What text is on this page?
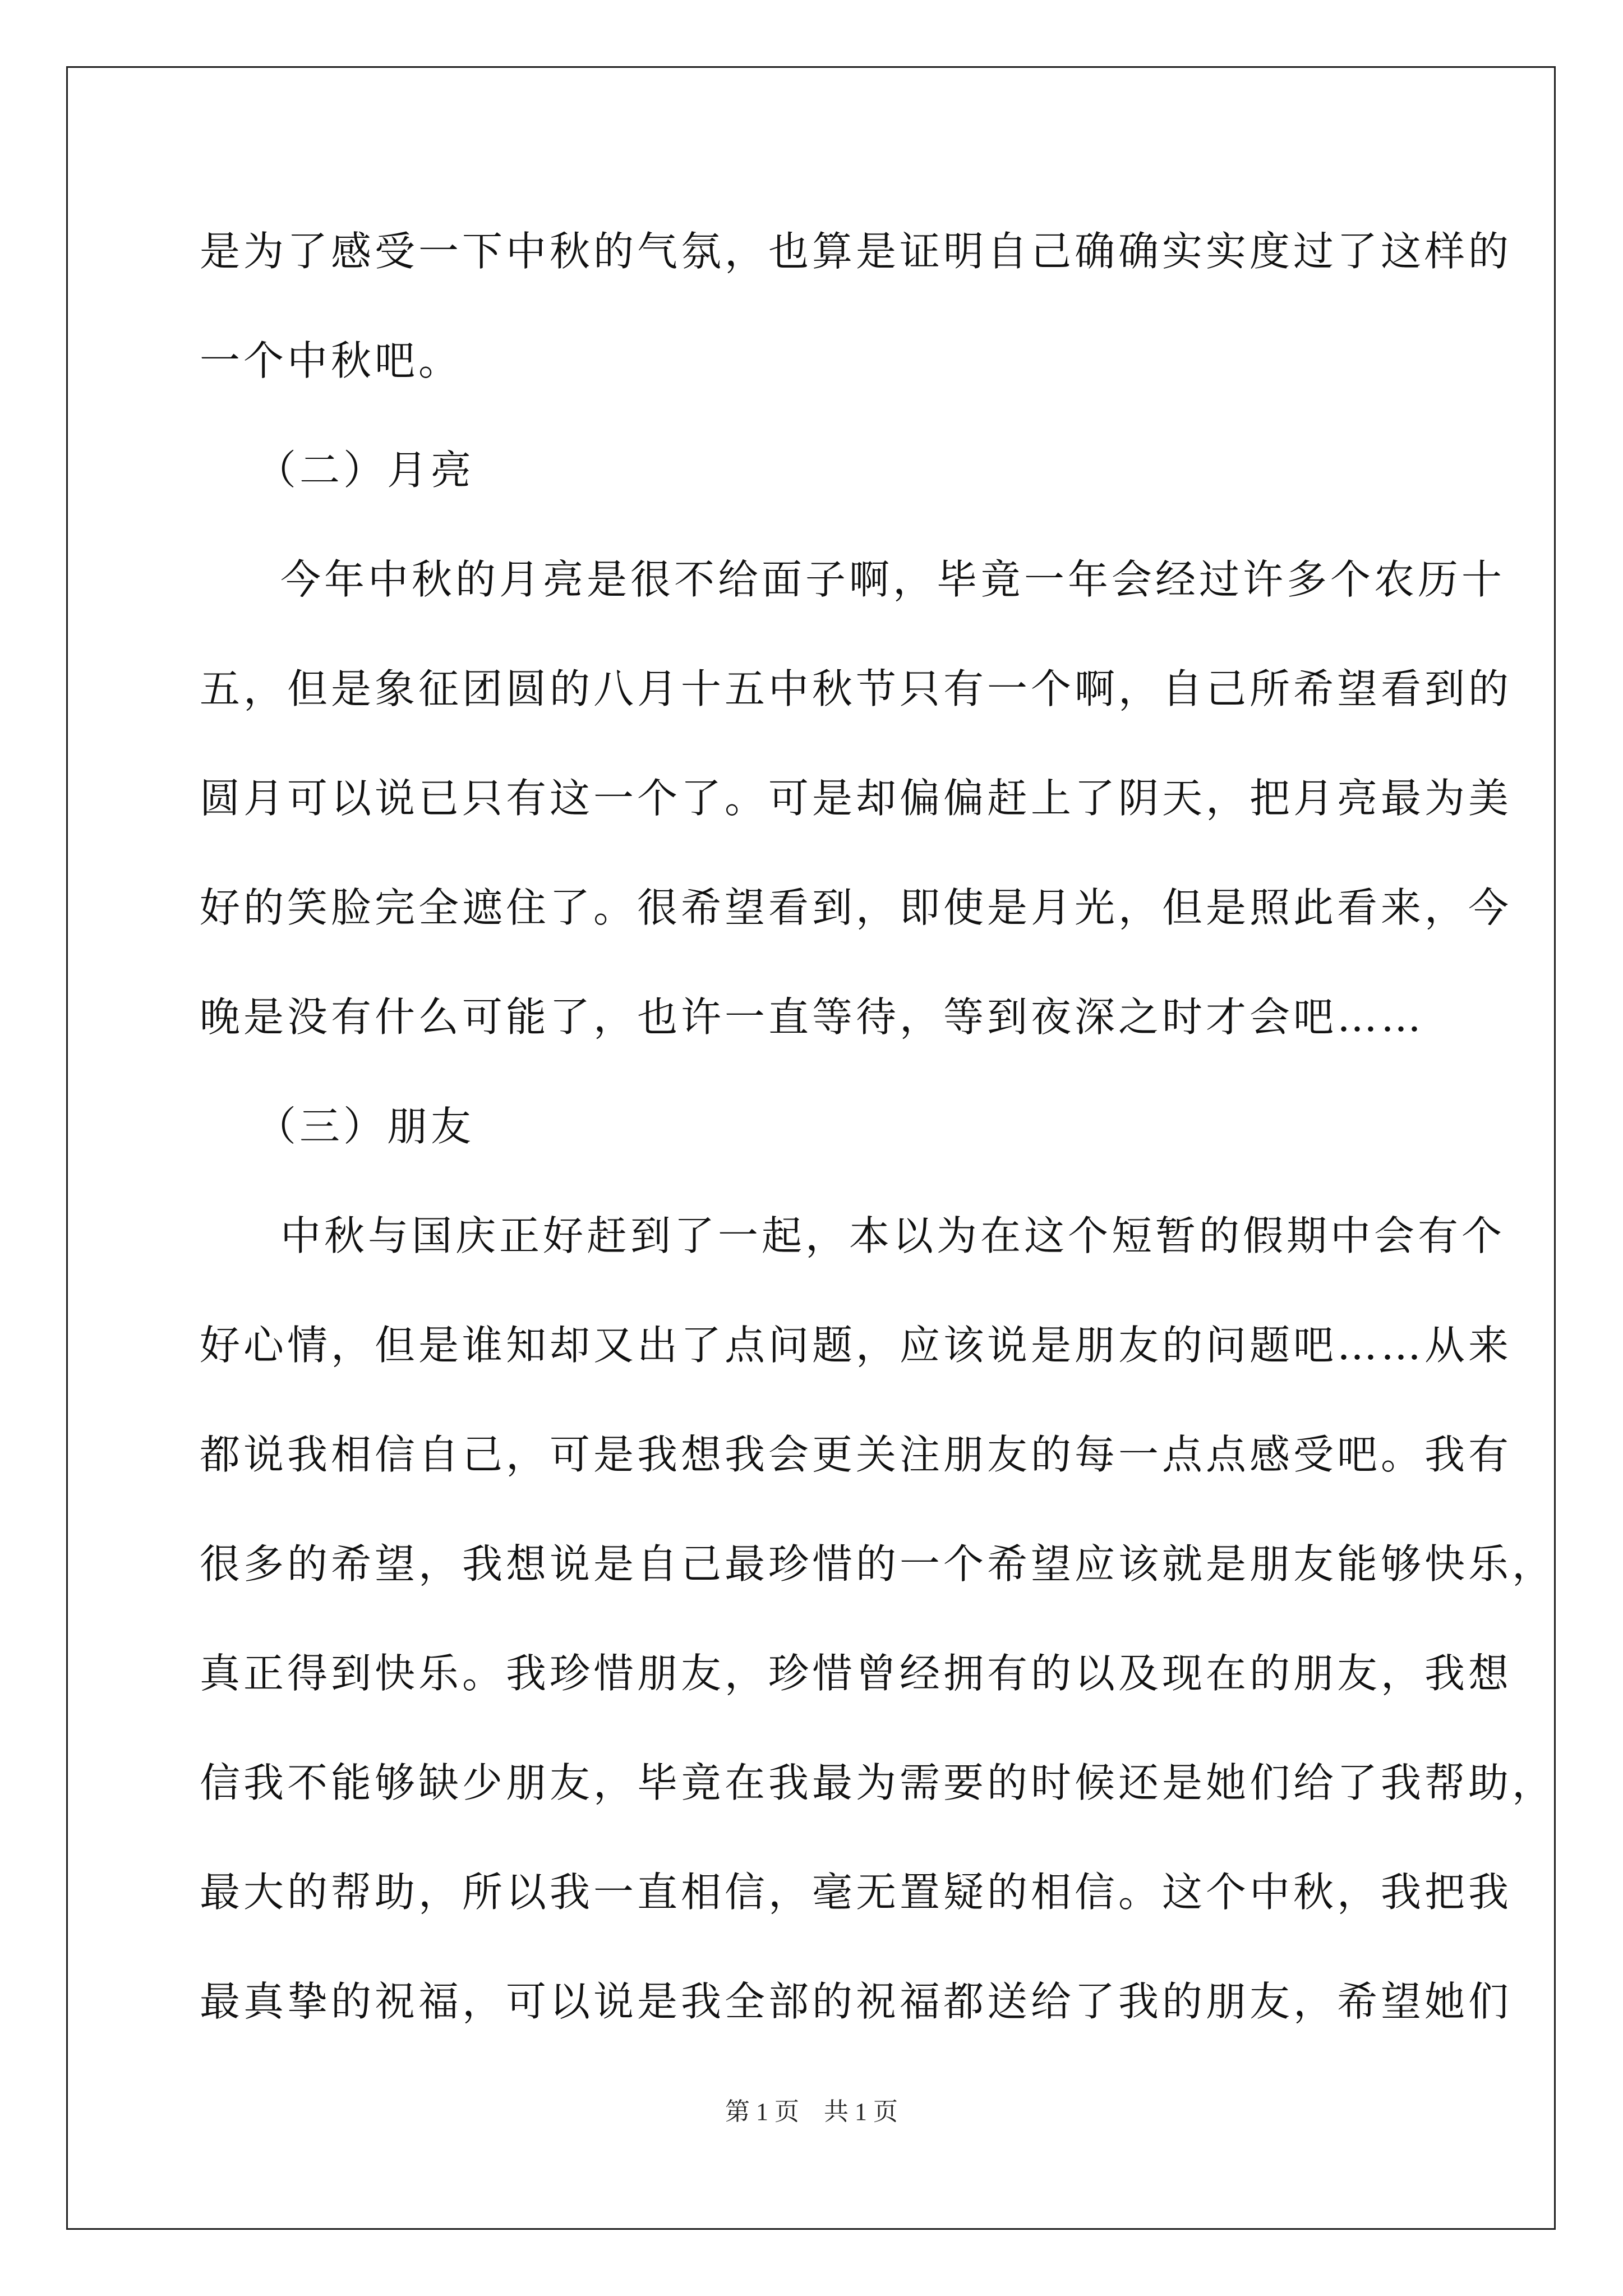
是为了感受一下中秋的气氛，也算是证明自己确确实实度过了这样的
一个中秋吧。
（二）月亮
今年中秋的月亮是很不给面子啊，毕竟一年会经过许多个农历十
五，但是象征团圆的八月十五中秋节只有一个啊，自己所希望看到的
圆月可以说已只有这一个了。可是却偏偏赶上了阴天，把月亮最为美
好的笑脸完全遮住了。很希望看到，即使是月光，但是照此看来，今
晚是没有什么可能了，也许一直等待，等到夜深之时才会吧……
（三）朋友
中秋与国庆正好赶到了一起，本以为在这个短暂的假期中会有个
好心情，但是谁知却又出了点问题，应该说是朋友的问题吧……从来
都说我相信自己，可是我想我会更关注朋友的每一点点感受吧。我有
很多的希望，我想说是自己最珍惜的一个希望应该就是朋友能够快乐，
真正得到快乐。我珍惜朋友，珍惜曾经拥有的以及现在的朋友，我想
信我不能够缺少朋友，毕竟在我最为需要的时候还是她们给了我帮助，
最大的帮助，所以我一直相信，毫无置疑的相信。这个中秋，我把我
最真挚的祝福，可以说是我全部的祝福都送给了我的朋友，希望她们
第 1 页　共 1 页
